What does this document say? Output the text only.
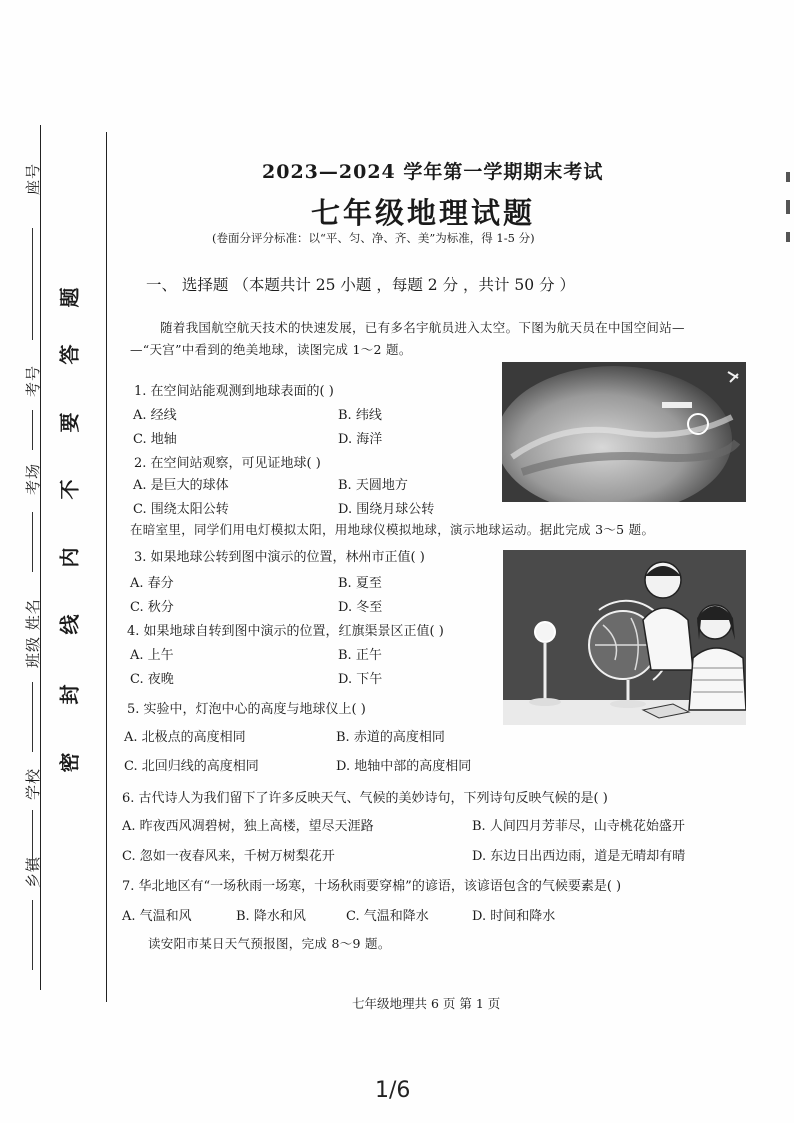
座号
考号
考场
班级 姓名
学校
乡镇
密
封
线
内
不
要
答
题
2023—2024 学年第一学期期末考试
七年级地理试题
(卷面分评分标准：以“平、匀、净、齐、美”为标准，得 1-5 分)
一、 选择题 （本题共计 25 小题 ，每题 2 分 ，共计 50 分 ）
随着我国航空航天技术的快速发展，已有多名宇航员进入太空。下图为航天员在中国空间站—
—“天宫”中看到的绝美地球，读图完成 1～2 题。
1. 在空间站能观测到地球表面的( )
A. 经线	B. 纬线
C. 地轴	D. 海洋
2. 在空间站观察，可见证地球( )
A. 是巨大的球体	B. 天圆地方
C. 围绕太阳公转	D. 围绕月球公转
在暗室里，同学们用电灯模拟太阳，用地球仪模拟地球，演示地球运动。据此完成 3～5 题。
3. 如果地球公转到图中演示的位置，林州市正值( )
A. 春分	B. 夏至
C. 秋分	D. 冬至
4. 如果地球自转到图中演示的位置，红旗渠景区正值( )
A. 上午	B. 正午
C. 夜晚	D. 下午
5. 实验中，灯泡中心的高度与地球仪上( )
A. 北极点的高度相同	B. 赤道的高度相同
C. 北回归线的高度相同	D. 地轴中部的高度相同
6. 古代诗人为我们留下了许多反映天气、气候的美妙诗句，下列诗句反映气候的是( )
A. 昨夜西风凋碧树，独上高楼，望尽天涯路	B. 人间四月芳菲尽，山寺桃花始盛开
C. 忽如一夜春风来，千树万树梨花开	D. 东边日出西边雨，道是无晴却有晴
7. 华北地区有“一场秋雨一场寒，十场秋雨要穿棉”的谚语，该谚语包含的气候要素是( )
A. 气温和风	B. 降水和风	C. 气温和降水	D. 时间和降水
读安阳市某日天气预报图，完成 8～9 题。
七年级地理共 6 页 第 1 页
1/6
